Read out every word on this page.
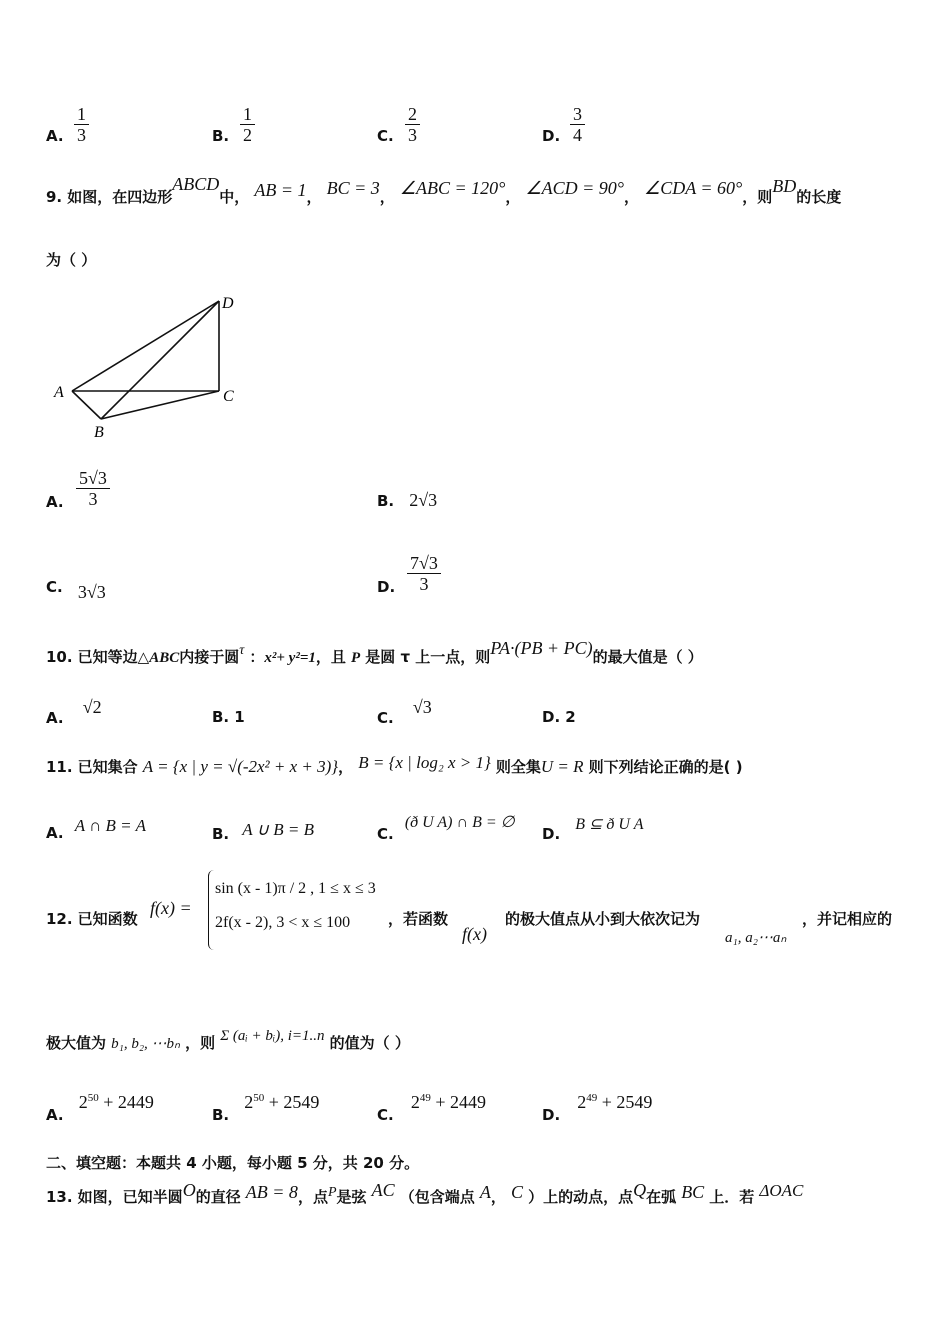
A. $\frac{1}{3}$	B. $\frac{1}{2}$	C. $\frac{2}{3}$	D. $\frac{3}{4}$
9. 如图，在四边形ABCD中， AB = 1， BC = 3， ∠ABC = 120°， ∠ACD = 90°， ∠CDA = 60°，则BD的长度
为（ ）
A
B
C
D
A. $\frac{5√3}{3}$	B. 2√3
C. 3√3	D. $\frac{7√3}{3}$
10. 已知等边△ABC内接于圆τ ：x²+ y²=1，且 P 是圆 τ 上一点，则PA·(PB + PC)的最大值是（ ）
A. √2	B. 1	C. √3	D. 2
11. 已知集合 A = {x | y = √(-2x² + x + 3)}， B = {x | log₂ x > 1} 则全集U = R 则下列结论正确的是( )
A. A ∩ B = A	B. A ∪ B = B	C. (ð U A) ∩ B = ∅
D. B ⊆ ð U A
12. 已知函数
f(x) =
sin (x - 1)π / 2 , 1 ≤ x ≤ 3
2f(x - 2), 3 < x ≤ 100	，若函数
f(x)
的极大值点从小到大依次记为	，并记相应的
a₁, a₂⋯aₙ
极大值为 b₁, b₂, ⋯bₙ ，则 Σ (aᵢ + bᵢ), i=1..n 的值为（ ）
A. $2^{50} + 2449$
B. $2^{50} + 2549$
C. $2^{49} + 2449$
D. $2^{49} + 2549$
二、填空题：本题共 4 小题，每小题 5 分，共 20 分。
13. 如图，已知半圆O的直径 AB = 8，点P是弦 AC （包含端点 A， C ）上的动点，点Q在弧 BC 上．若 ΔOAC
